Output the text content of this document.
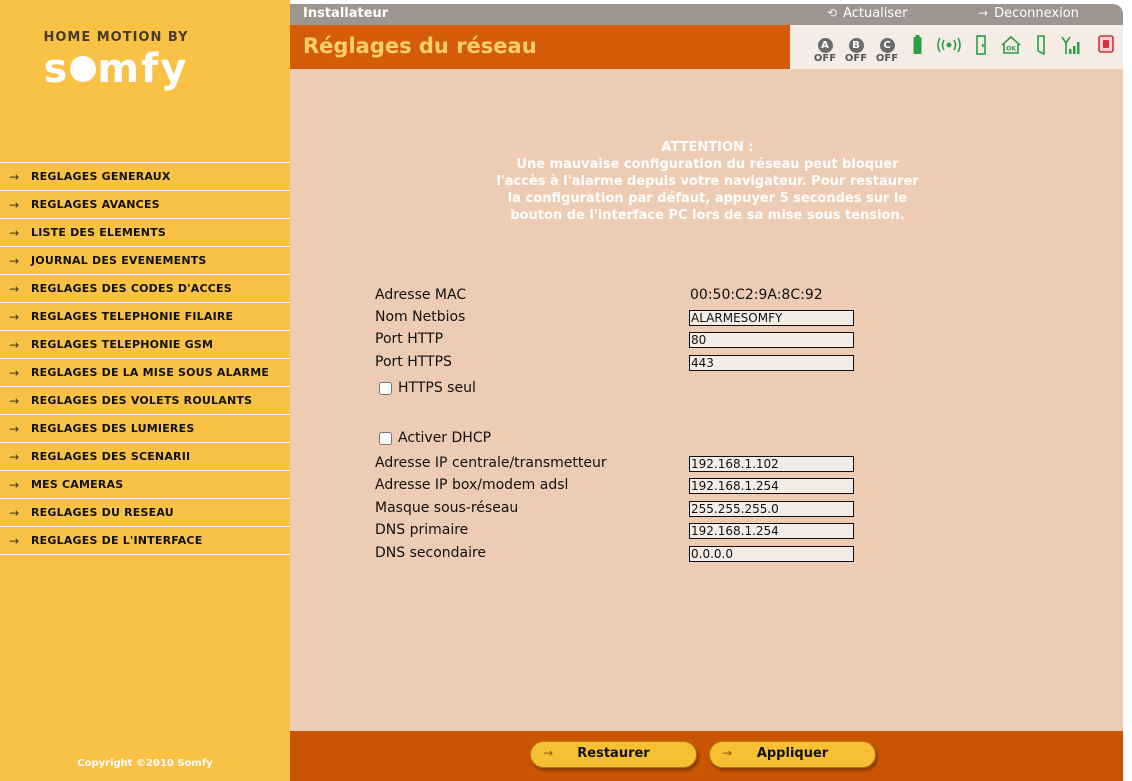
HOME MOTION BY
s mfy
→	REGLAGES GENERAUX
→	REGLAGES AVANCES
→	LISTE DES ELEMENTS
→	JOURNAL DES EVENEMENTS
→	REGLAGES DES CODES D'ACCES
→	REGLAGES TELEPHONIE FILAIRE
→	REGLAGES TELEPHONIE GSM
→	REGLAGES DE LA MISE SOUS ALARME
→	REGLAGES DES VOLETS ROULANTS
→	REGLAGES DES LUMIERES
→	REGLAGES DES SCENARII
→	MES CAMERAS
→	REGLAGES DU RESEAU
→	REGLAGES DE L'INTERFACE
Copyright ©2010 Somfy
Installateur	⟲ Actualiser	→ Deconnexion
Réglages du réseau	A
OFF
B
OFF
C
OFF
OK
ATTENTION :
Une mauvaise configuration du réseau peut bloquer l'accès à l'alarme depuis votre navigateur. Pour restaurer la configuration par défaut, appuyer 5 secondes sur le bouton de l'interface PC lors de sa mise sous tension.
Adresse MAC	00:50:C2:9A:8C:92
Nom Netbios
ALARMESOMFY
Port HTTP
80
Port HTTPS
443
HTTPS seul
Activer DHCP
Adresse IP centrale/transmetteur
192.168.1.102
Adresse IP box/modem adsl
192.168.1.254
Masque sous-réseau
255.255.255.0
DNS primaire
192.168.1.254
DNS secondaire
0.0.0.0
→	Restaurer	→	Appliquer
